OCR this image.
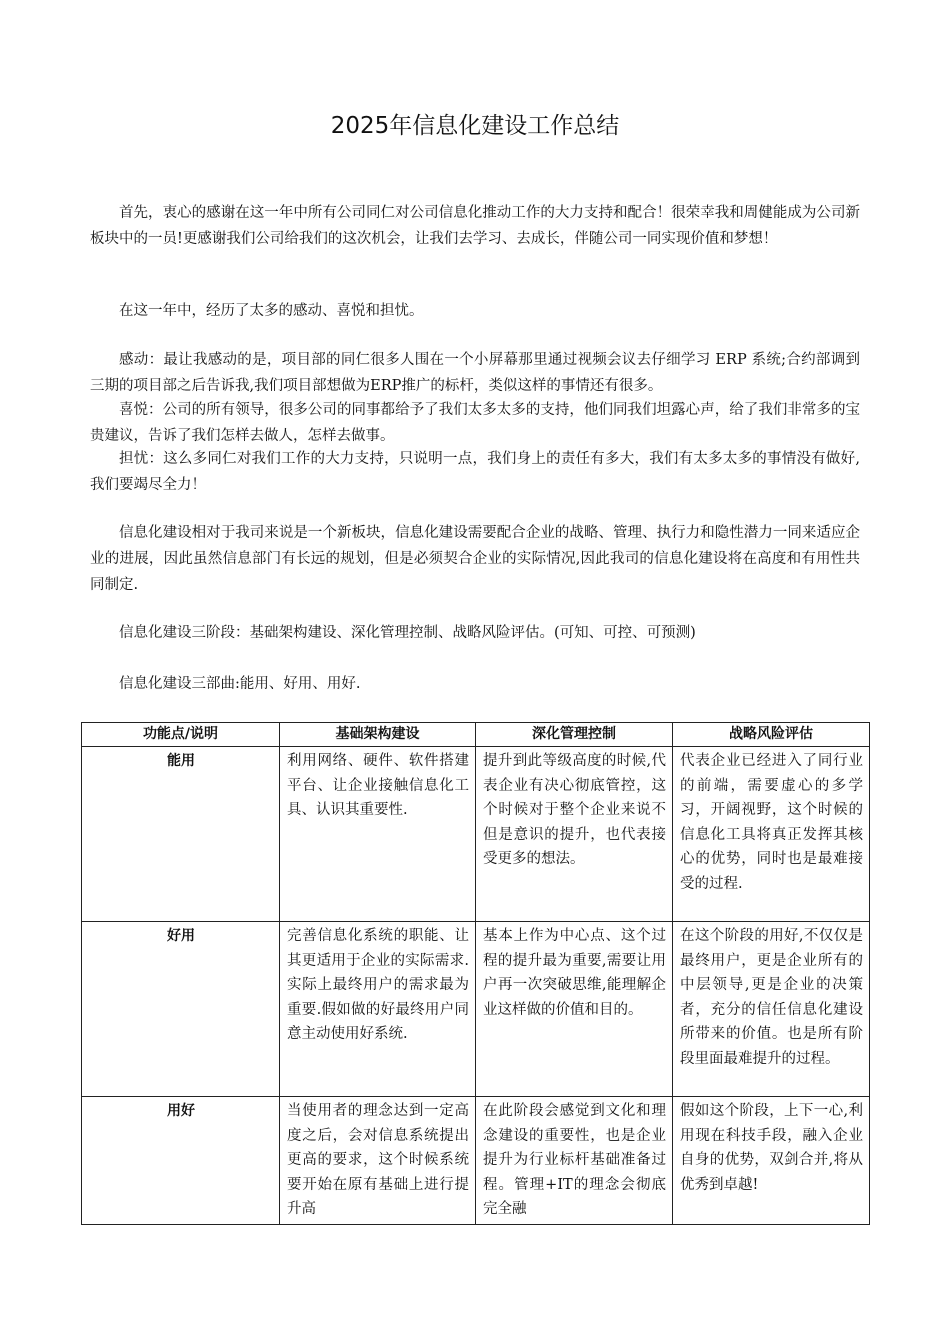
2025年信息化建设工作总结

首先，衷心的感谢在这一年中所有公司同仁对公司信息化推动工作的大力支持和配合！很荣幸我和周健能成为公司新板块中的一员!更感谢我们公司给我们的这次机会，让我们去学习、去成长，伴随公司一同实现价值和梦想！

在这一年中，经历了太多的感动、喜悦和担忧。

感动：最让我感动的是，项目部的同仁很多人围在一个小屏幕那里通过视频会议去仔细学习 ERP 系统;合约部调到三期的项目部之后告诉我,我们项目部想做为ERP推广的标杆，类似这样的事情还有很多。

喜悦：公司的所有领导，很多公司的同事都给予了我们太多太多的支持，他们同我们坦露心声，给了我们非常多的宝贵建议，告诉了我们怎样去做人，怎样去做事。

担忧：这么多同仁对我们工作的大力支持，只说明一点，我们身上的责任有多大，我们有太多太多的事情没有做好,我们要竭尽全力！

信息化建设相对于我司来说是一个新板块，信息化建设需要配合企业的战略、管理、执行力和隐性潜力一同来适应企业的进展，因此虽然信息部门有长远的规划，但是必须契合企业的实际情况,因此我司的信息化建设将在高度和有用性共同制定.

信息化建设三阶段：基础架构建设、深化管理控制、战略风险评估。(可知、可控、可预测)

信息化建设三部曲:能用、好用、用好.

功能点/说明	基础架构建设	深化管理控制	战略风险评估
能用	利用网络、硬件、软件搭建平台、让企业接触信息化工具、认识其重要性.	提升到此等级高度的时候,代表企业有决心彻底管控，这个时候对于整个企业来说不但是意识的提升，也代表接受更多的想法。	代表企业已经进入了同行业的前端，需要虚心的多学习，开阔视野，这个时候的信息化工具将真正发挥其核心的优势，同时也是最难接受的过程.
好用	完善信息化系统的职能、让其更适用于企业的实际需求.实际上最终用户的需求最为重要.假如做的好最终用户同意主动使用好系统.	基本上作为中心点、这个过程的提升最为重要,需要让用户再一次突破思维,能理解企业这样做的价值和目的。	在这个阶段的用好,不仅仅是最终用户，更是企业所有的中层领导,更是企业的决策者，充分的信任信息化建设所带来的价值。也是所有阶段里面最难提升的过程。
用好	当使用者的理念达到一定高度之后，会对信息系统提出更高的要求，这个时候系统要开始在原有基础上进行提升高	在此阶段会感觉到文化和理念建设的重要性，也是企业提升为行业标杆基础准备过程。管理+IT的理念会彻底完全融	假如这个阶段，上下一心,利用现在科技手段，融入企业自身的优势，双剑合并,将从优秀到卓越!
